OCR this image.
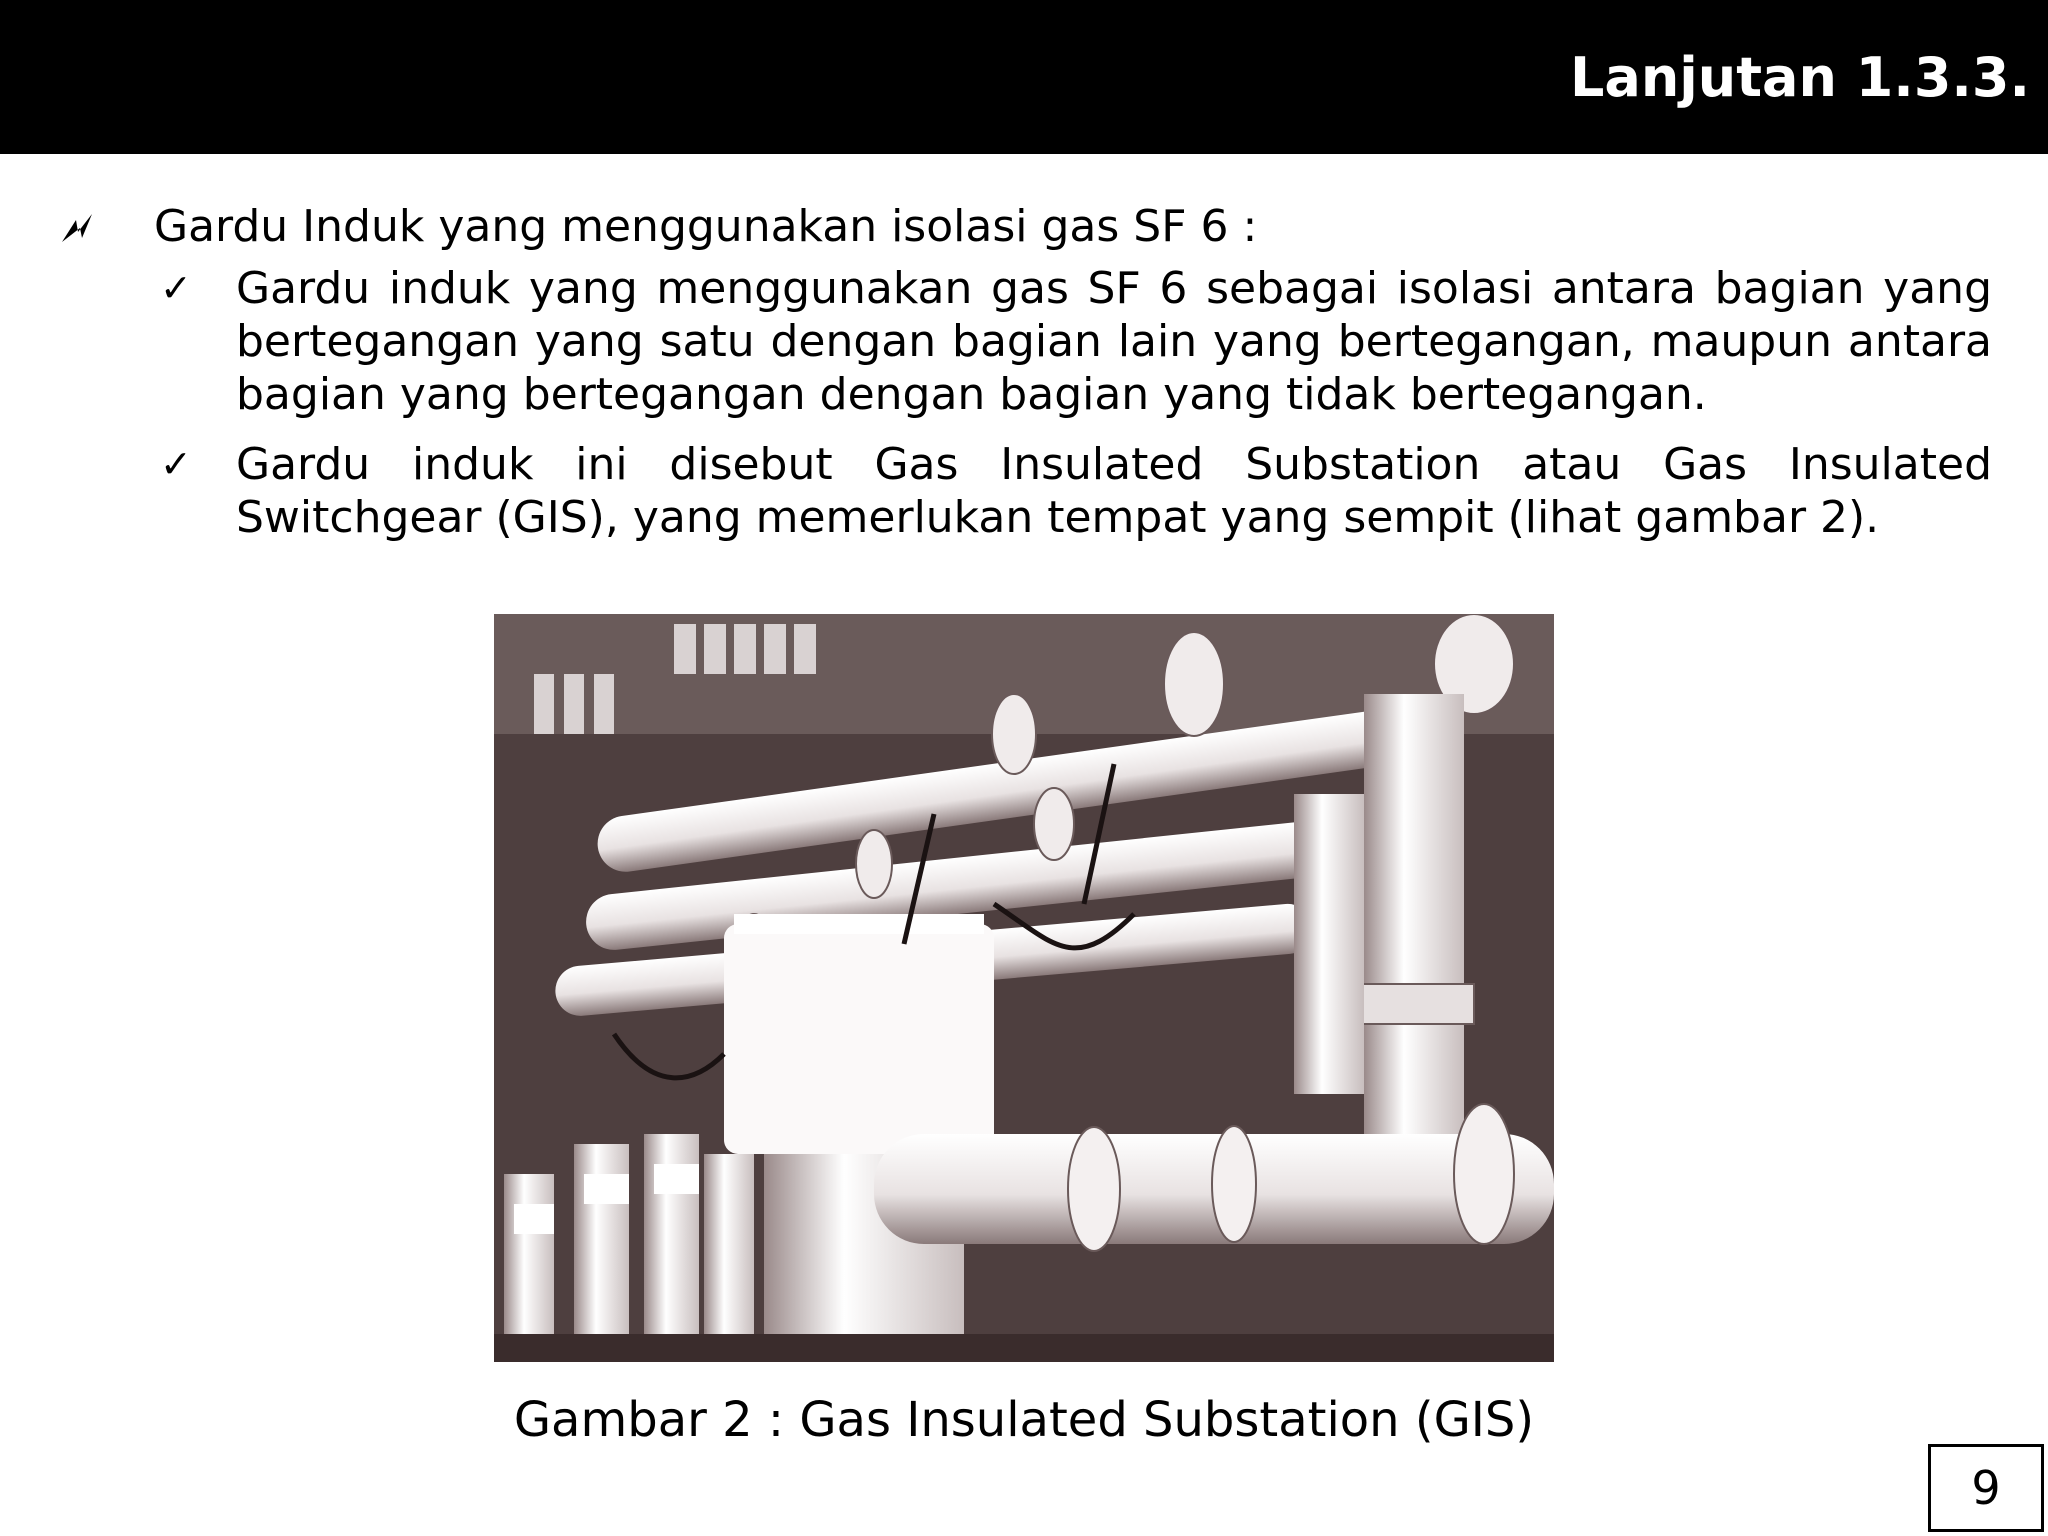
Lanjutan 1.3.3.
Gardu Induk yang menggunakan isolasi gas SF 6 :
✓ Gardu induk yang menggunakan gas SF 6 sebagai isolasi antara bagian yang bertegangan yang satu dengan bagian lain yang bertegangan, maupun antara bagian yang bertegangan dengan bagian yang tidak bertegangan.
✓ Gardu induk ini disebut Gas Insulated Substation atau Gas Insulated Switchgear (GIS), yang memerlukan tempat yang sempit (lihat gambar 2).
Gambar 2 : Gas Insulated Substation (GIS)
9
